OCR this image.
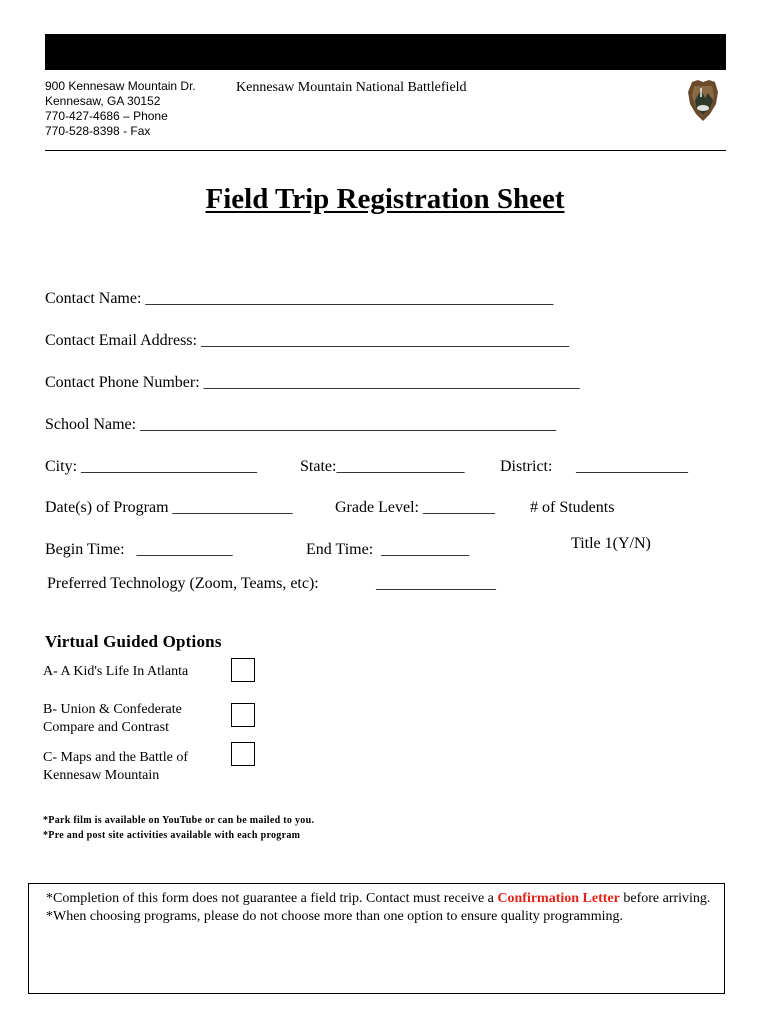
900 Kennesaw Mountain Dr.
Kennesaw, GA 30152
770-427-4686 – Phone
770-528-8398 - Fax
Kennesaw Mountain National Battlefield
Field Trip Registration Sheet
Contact Name: ___________________________________________________
Contact Email Address: ______________________________________________
Contact Phone Number: _______________________________________________
School Name: ____________________________________________________
City: ______________________	State:________________ District: ______________
Date(s) of Program _______________	Grade Level: _________ # of Students
Title 1(Y/N)
Begin Time:   ____________	End Time:  ___________
Preferred Technology (Zoom, Teams, etc):	_______________
Virtual Guided Options
A- A Kid's Life In Atlanta
B- Union & Confederate
Compare and Contrast
C- Maps and the Battle of
Kennesaw Mountain
*Park film is available on YouTube or can be mailed to you.
*Pre and post site activities available with each program
*Completion of this form does not guarantee a field trip. Contact must receive a Confirmation Letter before arriving.
*When choosing programs, please do not choose more than one option to ensure quality programming.
